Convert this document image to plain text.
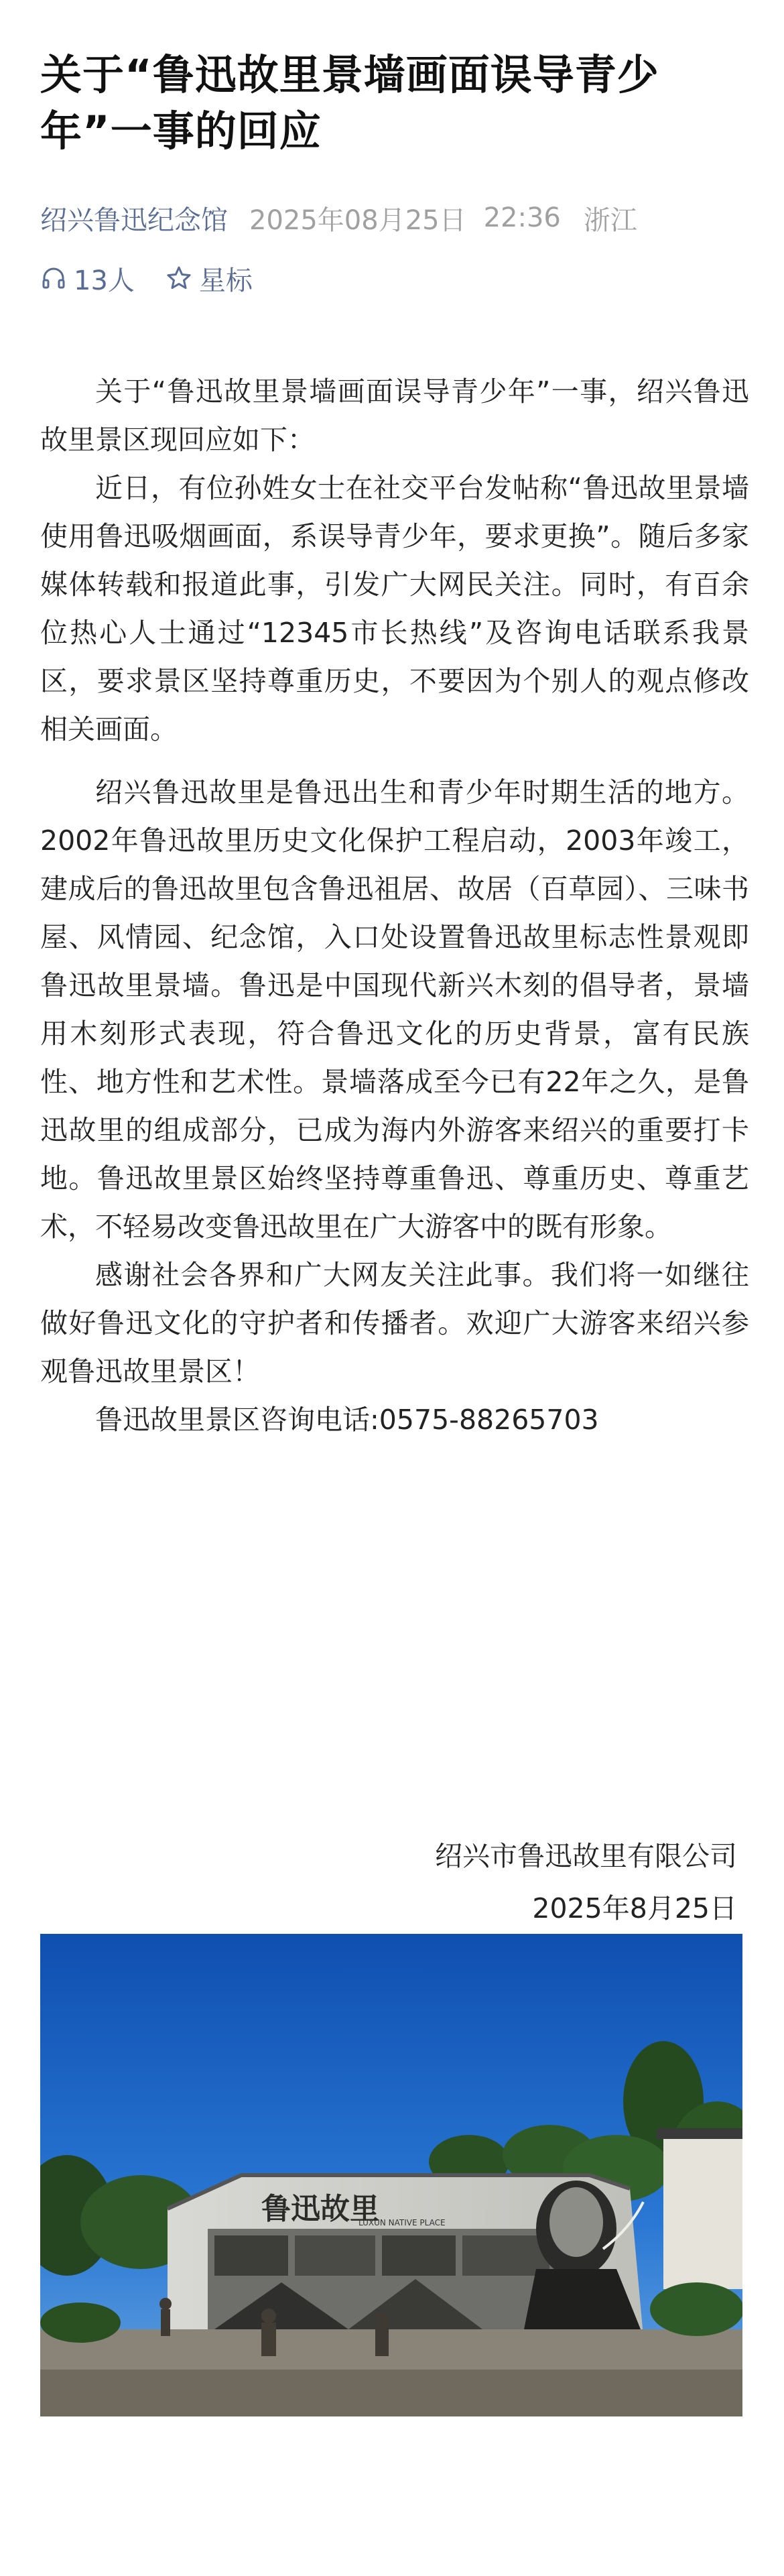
关于“鲁迅故里景墙画面误导青少年”一事的回应
绍兴鲁迅纪念馆 2025年08月25日 22:36 浙江
13人 星标

关于“鲁迅故里景墙画面误导青少年”一事，绍兴鲁迅故里景区现回应如下：

近日，有位孙姓女士在社交平台发帖称“鲁迅故里景墙使用鲁迅吸烟画面，系误导青少年，要求更换”。随后多家媒体转载和报道此事，引发广大网民关注。同时，有百余位热心人士通过“12345市长热线”及咨询电话联系我景区，要求景区坚持尊重历史，不要因为个别人的观点修改相关画面。

绍兴鲁迅故里是鲁迅出生和青少年时期生活的地方。2002年鲁迅故里历史文化保护工程启动，2003年竣工，建成后的鲁迅故里包含鲁迅祖居、故居（百草园）、三味书屋、风情园、纪念馆，入口处设置鲁迅故里标志性景观即鲁迅故里景墙。鲁迅是中国现代新兴木刻的倡导者，景墙用木刻形式表现，符合鲁迅文化的历史背景，富有民族性、地方性和艺术性。景墙落成至今已有22年之久，是鲁迅故里的组成部分，已成为海内外游客来绍兴的重要打卡地。鲁迅故里景区始终坚持尊重鲁迅、尊重历史、尊重艺术，不轻易改变鲁迅故里在广大游客中的既有形象。

感谢社会各界和广大网友关注此事。我们将一如继往做好鲁迅文化的守护者和传播者。欢迎广大游客来绍兴参观鲁迅故里景区！

鲁迅故里景区咨询电话:0575-88265703

绍兴市鲁迅故里有限公司
2025年8月25日
鲁迅故里
LUXUN NATIVE PLACE
